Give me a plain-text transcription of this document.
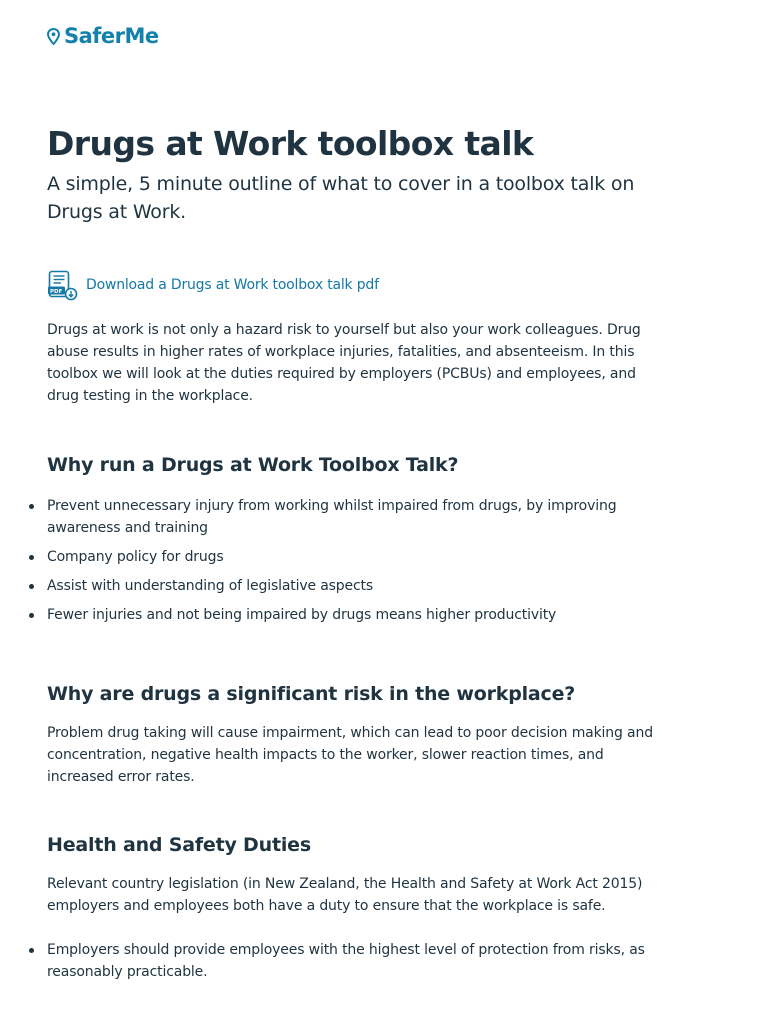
SaferMe
Drugs at Work toolbox talk
A simple, 5 minute outline of what to cover in a toolbox talk on Drugs at Work.
PDF Download a Drugs at Work toolbox talk pdf

Drugs at work is not only a hazard risk to yourself but also your work colleagues. Drug abuse results in higher rates of workplace injuries, fatalities, and absenteeism. In this toolbox we will look at the duties required by employers (PCBUs) and employees, and drug testing in the workplace.

Why run a Drugs at Work Toolbox Talk?
Prevent unnecessary injury from working whilst impaired from drugs, by improving awareness and training
Company policy for drugs
Assist with understanding of legislative aspects
Fewer injuries and not being impaired by drugs means higher productivity
Why are drugs a significant risk in the workplace?

Problem drug taking will cause impairment, which can lead to poor decision making and concentration, negative health impacts to the worker, slower reaction times, and increased error rates.

Health and Safety Duties

Relevant country legislation (in New Zealand, the Health and Safety at Work Act 2015) employers and employees both have a duty to ensure that the workplace is safe.

Employers should provide employees with the highest level of protection from risks, as reasonably practicable.
